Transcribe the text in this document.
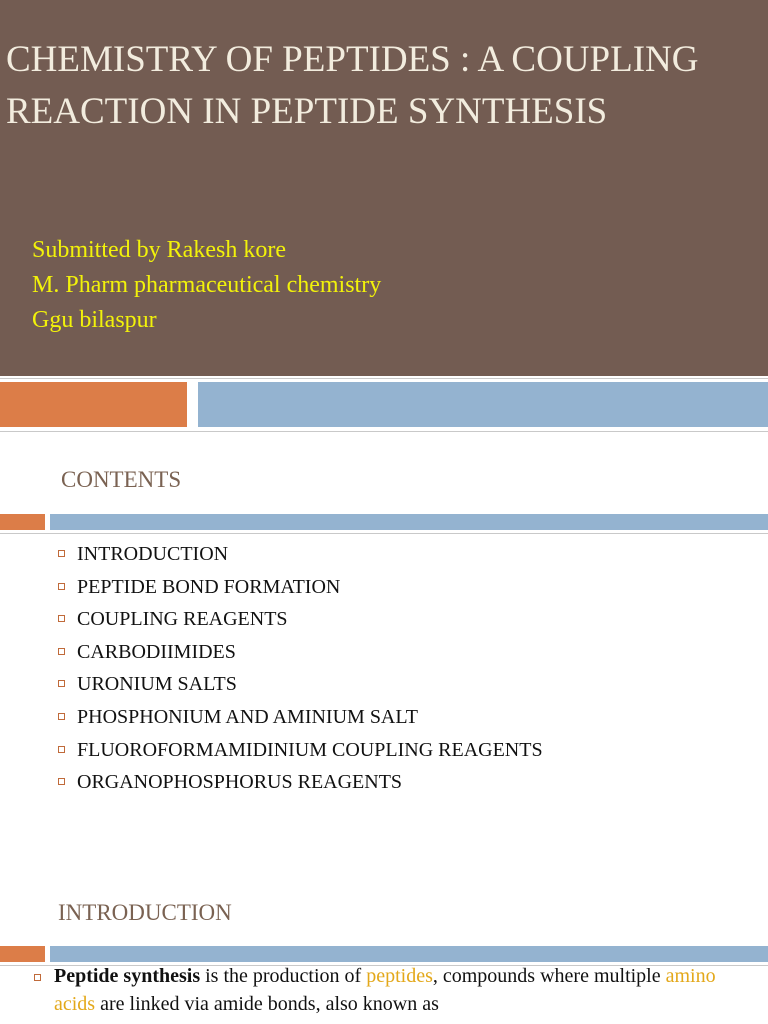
CHEMISTRY OF PEPTIDES : A COUPLING REACTION IN PEPTIDE SYNTHESIS
Submitted by Rakesh kore
M. Pharm pharmaceutical chemistry
Ggu bilaspur
CONTENTS
INTRODUCTION
PEPTIDE BOND FORMATION
COUPLING REAGENTS
CARBODIIMIDES
URONIUM SALTS
PHOSPHONIUM AND AMINIUM SALT
FLUOROFORMAMIDINIUM COUPLING REAGENTS
ORGANOPHOSPHORUS REAGENTS
INTRODUCTION

Peptide synthesis is the production of peptides, compounds where multiple amino acids are linked via amide bonds, also known as
